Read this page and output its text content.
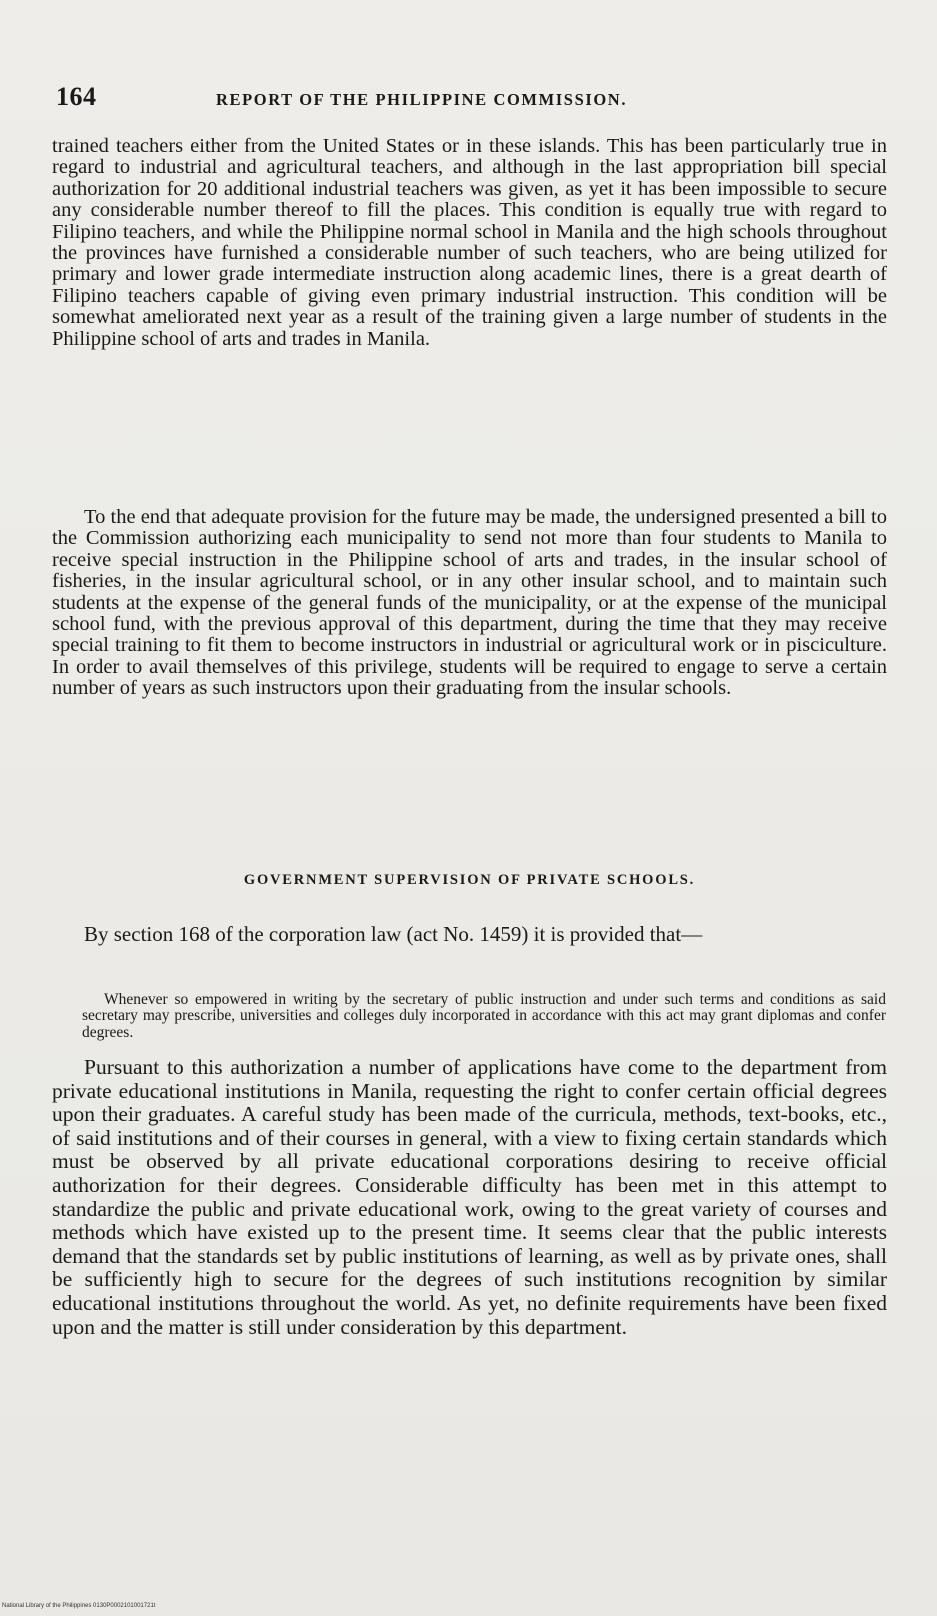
164	REPORT OF THE PHILIPPINE COMMISSION.

trained teachers either from the United States or in these islands. This has been particularly true in regard to industrial and agricultural teachers, and although in the last appropriation bill special authorization for 20 additional industrial teachers was given, as yet it has been impossible to secure any considerable number thereof to fill the places. This condition is equally true with regard to Filipino teachers, and while the Philippine normal school in Manila and the high schools throughout the provinces have furnished a considerable number of such teachers, who are being utilized for primary and lower grade intermediate instruction along academic lines, there is a great dearth of Filipino teachers capable of giving even primary industrial instruction. This condition will be somewhat ameliorated next year as a result of the training given a large number of students in the Philippine school of arts and trades in Manila.

To the end that adequate provision for the future may be made, the undersigned presented a bill to the Commission authorizing each municipality to send not more than four students to Manila to receive special instruction in the Philippine school of arts and trades, in the insular school of fisheries, in the insular agricultural school, or in any other insular school, and to maintain such students at the expense of the general funds of the municipality, or at the expense of the municipal school fund, with the previous approval of this department, during the time that they may receive special training to fit them to become instructors in industrial or agricultural work or in pisciculture. In order to avail themselves of this privilege, students will be required to engage to serve a certain number of years as such instructors upon their graduating from the insular schools.

GOVERNMENT SUPERVISION OF PRIVATE SCHOOLS.

By section 168 of the corporation law (act No. 1459) it is provided that—

Whenever so empowered in writing by the secretary of public instruction and under such terms and conditions as said secretary may prescribe, universities and colleges duly incorporated in accordance with this act may grant diplomas and confer degrees.

Pursuant to this authorization a number of applications have come to the department from private educational institutions in Manila, requesting the right to confer certain official degrees upon their graduates. A careful study has been made of the curricula, methods, text-books, etc., of said institutions and of their courses in general, with a view to fixing certain standards which must be observed by all private educational corporations desiring to receive official authorization for their degrees. Considerable difficulty has been met in this attempt to standardize the public and private educational work, owing to the great variety of courses and methods which have existed up to the present time. It seems clear that the public interests demand that the standards set by public institutions of learning, as well as by private ones, shall be sufficiently high to secure for the degrees of such institutions recognition by similar educational institutions throughout the world. As yet, no definite requirements have been fixed upon and the matter is still under consideration by this department.

National Library of the Philippines 0130P0002101001721t
